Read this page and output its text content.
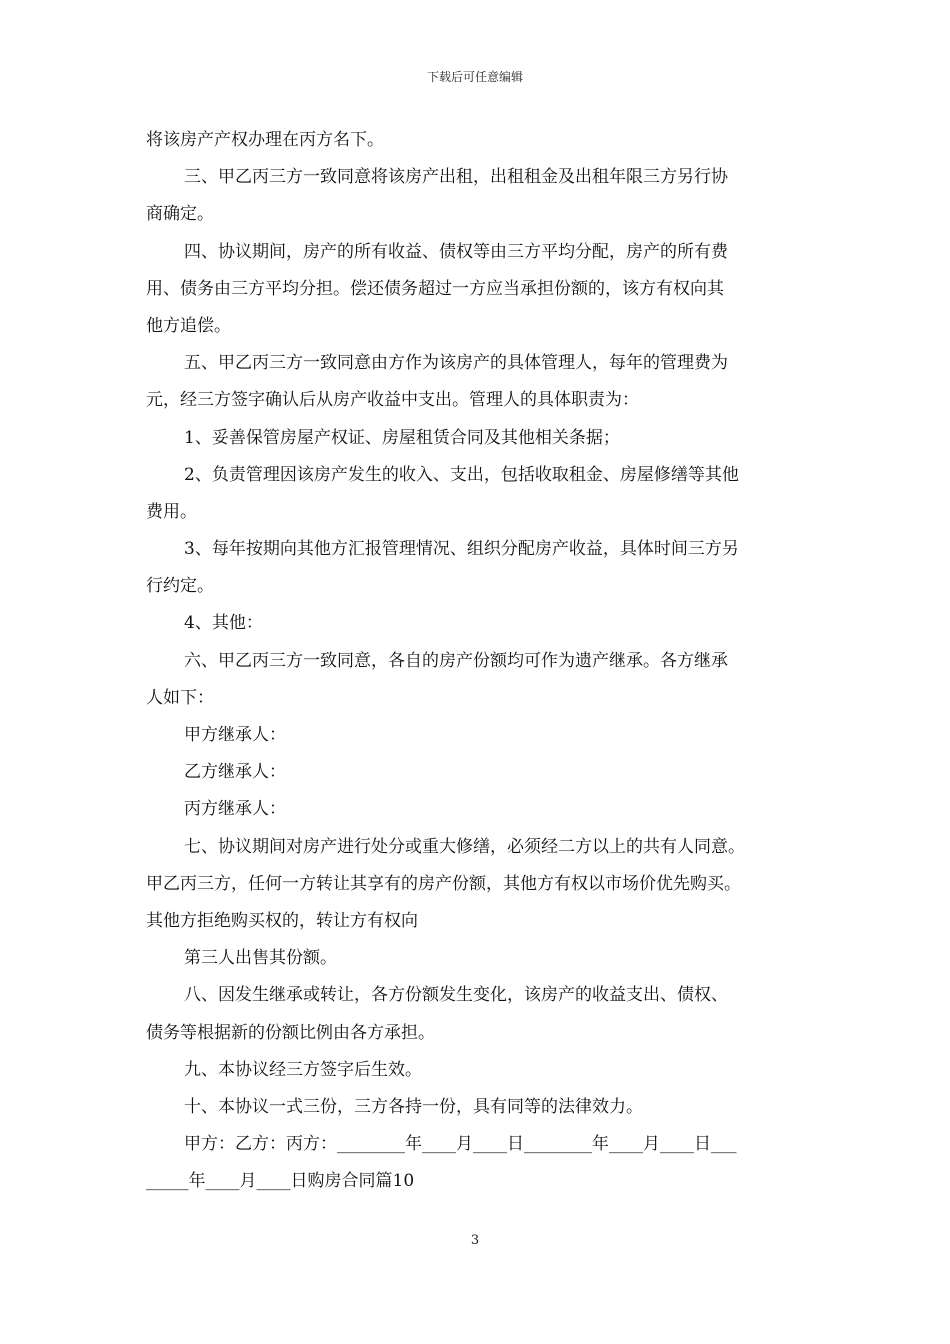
下载后可任意编辑
将该房产产权办理在丙方名下。
三、甲乙丙三方一致同意将该房产出租，出租租金及出租年限三方另行协
商确定。
四、协议期间，房产的所有收益、债权等由三方平均分配，房产的所有费
用、债务由三方平均分担。偿还债务超过一方应当承担份额的，该方有权向其
他方追偿。
五、甲乙丙三方一致同意由方作为该房产的具体管理人，每年的管理费为
元，经三方签字确认后从房产收益中支出。管理人的具体职责为：
1、妥善保管房屋产权证、房屋租赁合同及其他相关条据；
2、负责管理因该房产发生的收入、支出，包括收取租金、房屋修缮等其他
费用。
3、每年按期向其他方汇报管理情况、组织分配房产收益，具体时间三方另
行约定。
4、其他：
六、甲乙丙三方一致同意，各自的房产份额均可作为遗产继承。各方继承
人如下：
甲方继承人：
乙方继承人：
丙方继承人：
七、协议期间对房产进行处分或重大修缮，必须经二方以上的共有人同意。
甲乙丙三方，任何一方转让其享有的房产份额，其他方有权以市场价优先购买。
其他方拒绝购买权的，转让方有权向
第三人出售其份额。
八、因发生继承或转让，各方份额发生变化，该房产的收益支出、债权、
债务等根据新的份额比例由各方承担。
九、本协议经三方签字后生效。
十、本协议一式三份，三方各持一份，具有同等的法律效力。
甲方：乙方：丙方：________年____月____日________年____月____日___
_____年____月____日购房合同篇10
3
